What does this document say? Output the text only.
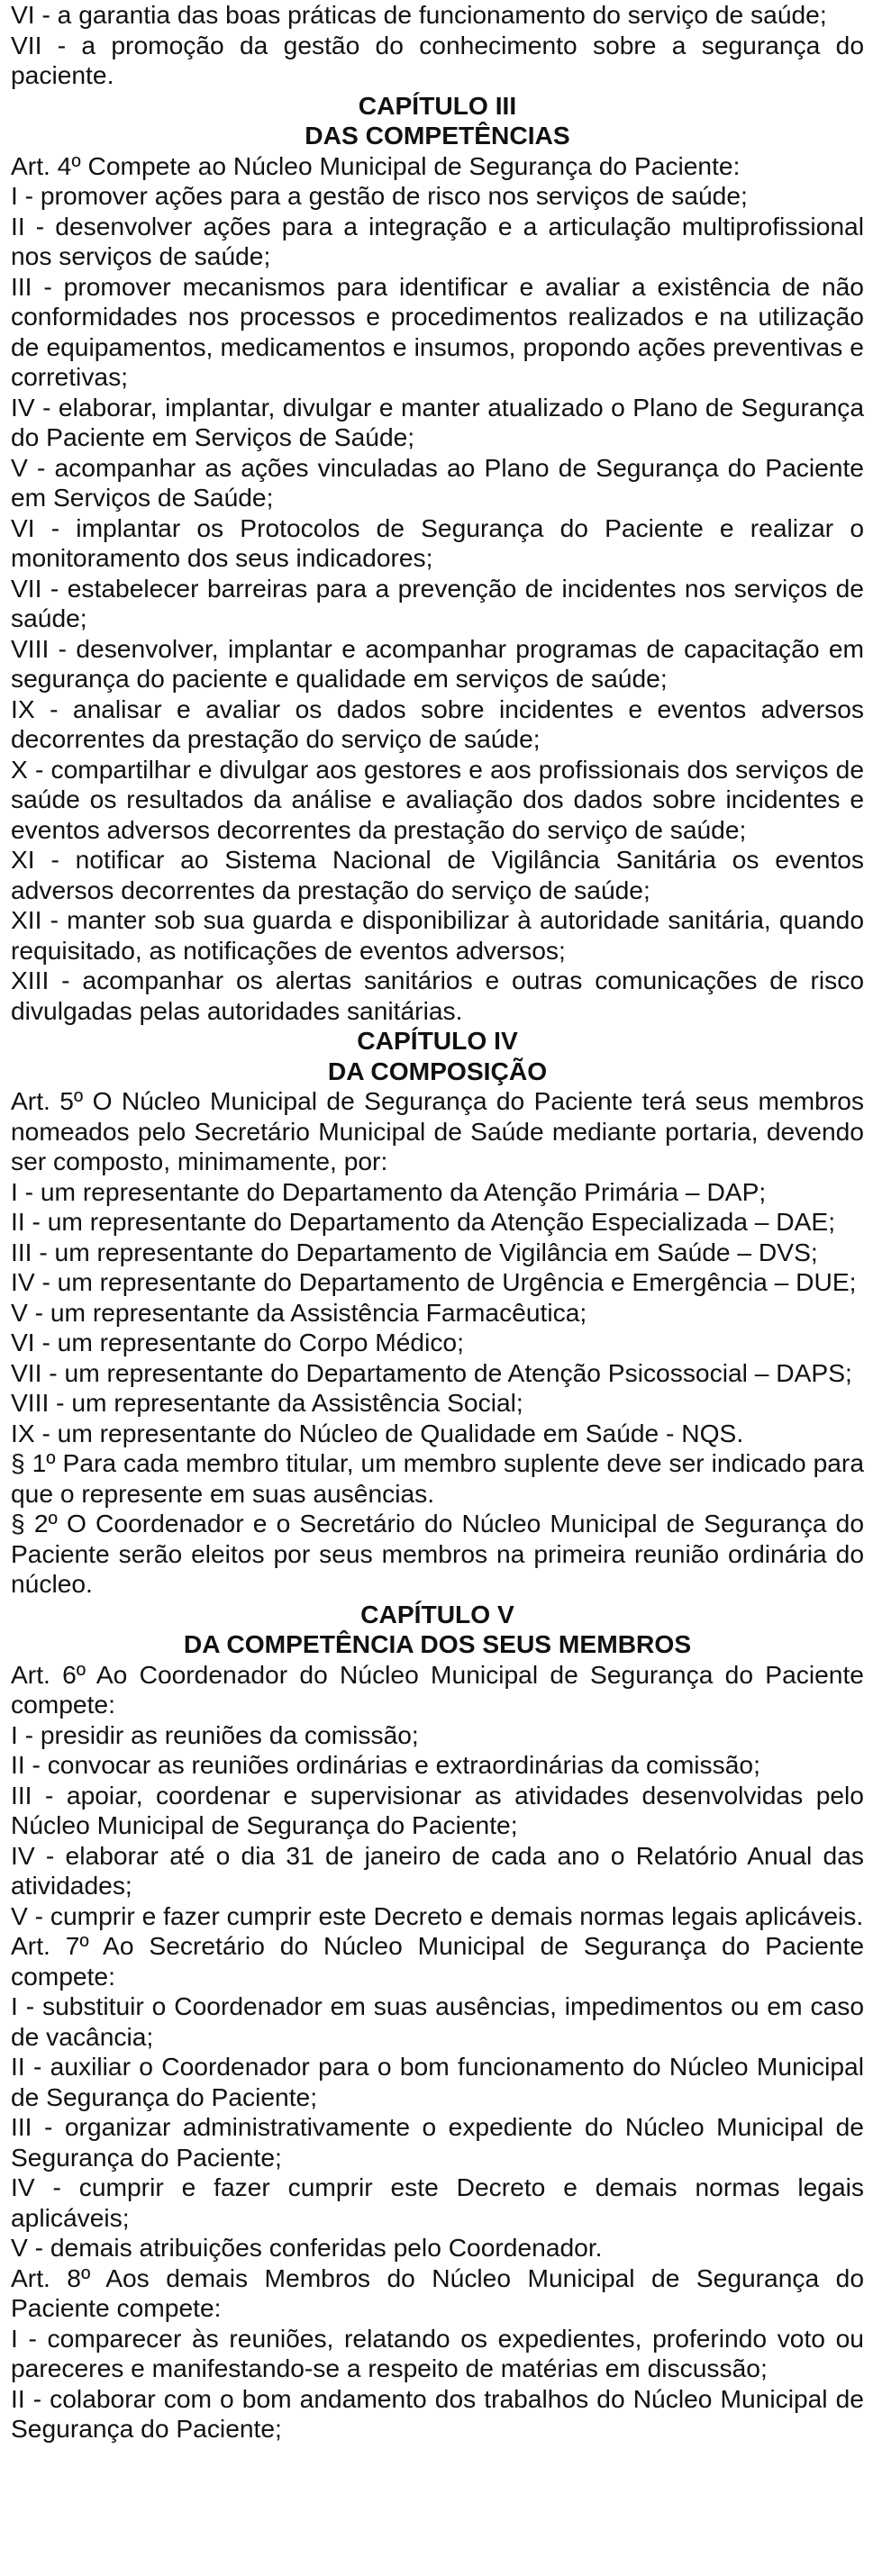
VI - a garantia das boas práticas de funcionamento do serviço de saúde;

VII - a promoção da gestão do conhecimento sobre a segurança do paciente.

CAPÍTULO III

DAS COMPETÊNCIAS

Art. 4º Compete ao Núcleo Municipal de Segurança do Paciente:

I - promover ações para a gestão de risco nos serviços de saúde;

II - desenvolver ações para a integração e a articulação multiprofissional nos serviços de saúde;

III - promover mecanismos para identificar e avaliar a existência de não conformidades nos processos e procedimentos realizados e na utilização de equipamentos, medicamentos e insumos, propondo ações preventivas e corretivas;

IV - elaborar, implantar, divulgar e manter atualizado o Plano de Segurança do Paciente em Serviços de Saúde;

V - acompanhar as ações vinculadas ao Plano de Segurança do Paciente em Serviços de Saúde;

VI - implantar os Protocolos de Segurança do Paciente e realizar o monitoramento dos seus indicadores;

VII - estabelecer barreiras para a prevenção de incidentes nos serviços de saúde;

VIII - desenvolver, implantar e acompanhar programas de capacitação em segurança do paciente e qualidade em serviços de saúde;

IX - analisar e avaliar os dados sobre incidentes e eventos adversos decorrentes da prestação do serviço de saúde;

X - compartilhar e divulgar aos gestores e aos profissionais dos serviços de saúde os resultados da análise e avaliação dos dados sobre incidentes e eventos adversos decorrentes da prestação do serviço de saúde;

XI - notificar ao Sistema Nacional de Vigilância Sanitária os eventos adversos decorrentes da prestação do serviço de saúde;

XII - manter sob sua guarda e disponibilizar à autoridade sanitária, quando requisitado, as notificações de eventos adversos;

XIII - acompanhar os alertas sanitários e outras comunicações de risco divulgadas pelas autoridades sanitárias.

CAPÍTULO IV

DA COMPOSIÇÃO

Art. 5º O Núcleo Municipal de Segurança do Paciente terá seus membros nomeados pelo Secretário Municipal de Saúde mediante portaria, devendo ser composto, minimamente, por:

I - um representante do Departamento da Atenção Primária – DAP;

II - um representante do Departamento da Atenção Especializada – DAE;

III - um representante do Departamento de Vigilância em Saúde – DVS;

IV - um representante do Departamento de Urgência e Emergência – DUE;

V - um representante da Assistência Farmacêutica;

VI - um representante do Corpo Médico;

VII - um representante do Departamento de Atenção Psicossocial – DAPS;

VIII - um representante da Assistência Social;

IX - um representante do Núcleo de Qualidade em Saúde - NQS.

§ 1º Para cada membro titular, um membro suplente deve ser indicado para que o represente em suas ausências.

§ 2º O Coordenador e o Secretário do Núcleo Municipal de Segurança do Paciente serão eleitos por seus membros na primeira reunião ordinária do núcleo.

CAPÍTULO V

DA COMPETÊNCIA DOS SEUS MEMBROS

Art. 6º Ao Coordenador do Núcleo Municipal de Segurança do Paciente compete:

I - presidir as reuniões da comissão;

II - convocar as reuniões ordinárias e extraordinárias da comissão;

III - apoiar, coordenar e supervisionar as atividades desenvolvidas pelo Núcleo Municipal de Segurança do Paciente;

IV - elaborar até o dia 31 de janeiro de cada ano o Relatório Anual das atividades;

V - cumprir e fazer cumprir este Decreto e demais normas legais aplicáveis.

Art. 7º Ao Secretário do Núcleo Municipal de Segurança do Paciente compete:

I - substituir o Coordenador em suas ausências, impedimentos ou em caso de vacância;

II - auxiliar o Coordenador para o bom funcionamento do Núcleo Municipal de Segurança do Paciente;

III - organizar administrativamente o expediente do Núcleo Municipal de Segurança do Paciente;

IV - cumprir e fazer cumprir este Decreto e demais normas legais aplicáveis;

V - demais atribuições conferidas pelo Coordenador.

Art. 8º Aos demais Membros do Núcleo Municipal de Segurança do Paciente compete:

I - comparecer às reuniões, relatando os expedientes, proferindo voto ou pareceres e manifestando-se a respeito de matérias em discussão;

II - colaborar com o bom andamento dos trabalhos do Núcleo Municipal de Segurança do Paciente;
